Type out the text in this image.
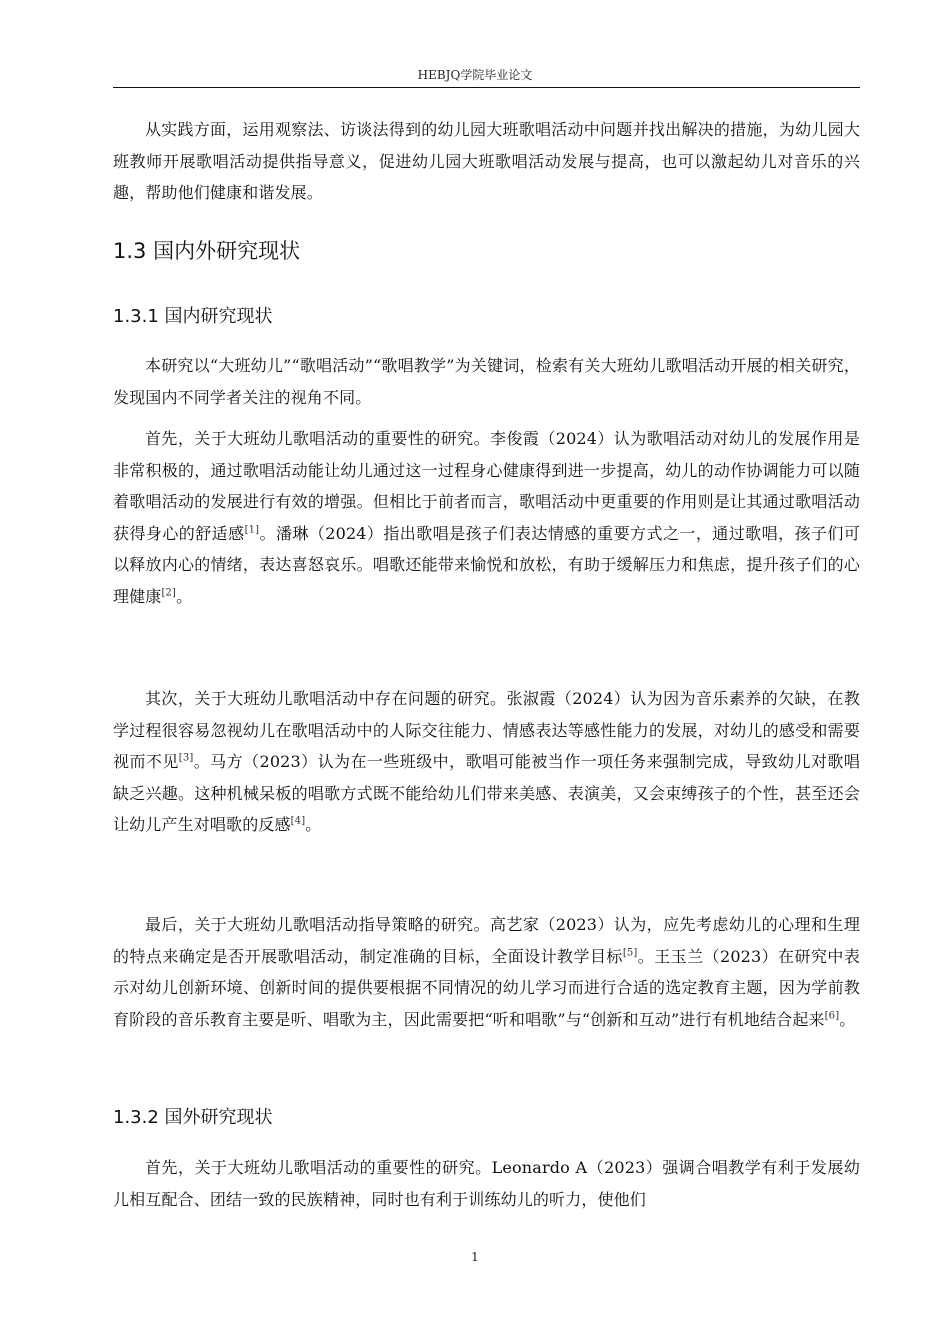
HEBJQ学院毕业论文

从实践方面，运用观察法、访谈法得到的幼儿园大班歌唱活动中问题并找出解决的措施，为幼儿园大班教师开展歌唱活动提供指导意义，促进幼儿园大班歌唱活动发展与提高，也可以激起幼儿对音乐的兴趣，帮助他们健康和谐发展。

1.3 国内外研究现状
1.3.1 国内研究现状

本研究以“大班幼儿”“歌唱活动”“歌唱教学”为关键词，检索有关大班幼儿歌唱活动开展的相关研究，发现国内不同学者关注的视角不同。

首先，关于大班幼儿歌唱活动的重要性的研究。李俊霞（2024）认为歌唱活动对幼儿的发展作用是非常积极的，通过歌唱活动能让幼儿通过这一过程身心健康得到进一步提高，幼儿的动作协调能力可以随着歌唱活动的发展进行有效的增强。但相比于前者而言，歌唱活动中更重要的作用则是让其通过歌唱活动获得身心的舒适感[1]。潘琳（2024）指出歌唱是孩子们表达情感的重要方式之一，通过歌唱，孩子们可以释放内心的情绪，表达喜怒哀乐。唱歌还能带来愉悦和放松，有助于缓解压力和焦虑，提升孩子们的心理健康[2]。

其次，关于大班幼儿歌唱活动中存在问题的研究。张淑霞（2024）认为因为音乐素养的欠缺，在教学过程很容易忽视幼儿在歌唱活动中的人际交往能力、情感表达等感性能力的发展，对幼儿的感受和需要视而不见[3]。马方（2023）认为在一些班级中，歌唱可能被当作一项任务来强制完成，导致幼儿对歌唱缺乏兴趣。这种机械呆板的唱歌方式既不能给幼儿们带来美感、表演美，又会束缚孩子的个性，甚至还会让幼儿产生对唱歌的反感[4]。

最后，关于大班幼儿歌唱活动指导策略的研究。高艺家（2023）认为，应先考虑幼儿的心理和生理的特点来确定是否开展歌唱活动，制定准确的目标，全面设计教学目标[5]。王玉兰（2023）在研究中表示对幼儿创新环境、创新时间的提供要根据不同情况的幼儿学习而进行合适的选定教育主题，因为学前教育阶段的音乐教育主要是听、唱歌为主，因此需要把“听和唱歌”与“创新和互动”进行有机地结合起来[6]。

1.3.2 国外研究现状

首先，关于大班幼儿歌唱活动的重要性的研究。Leonardo A（2023）强调合唱教学有利于发展幼儿相互配合、团结一致的民族精神，同时也有利于训练幼儿的听力，使他们

1
